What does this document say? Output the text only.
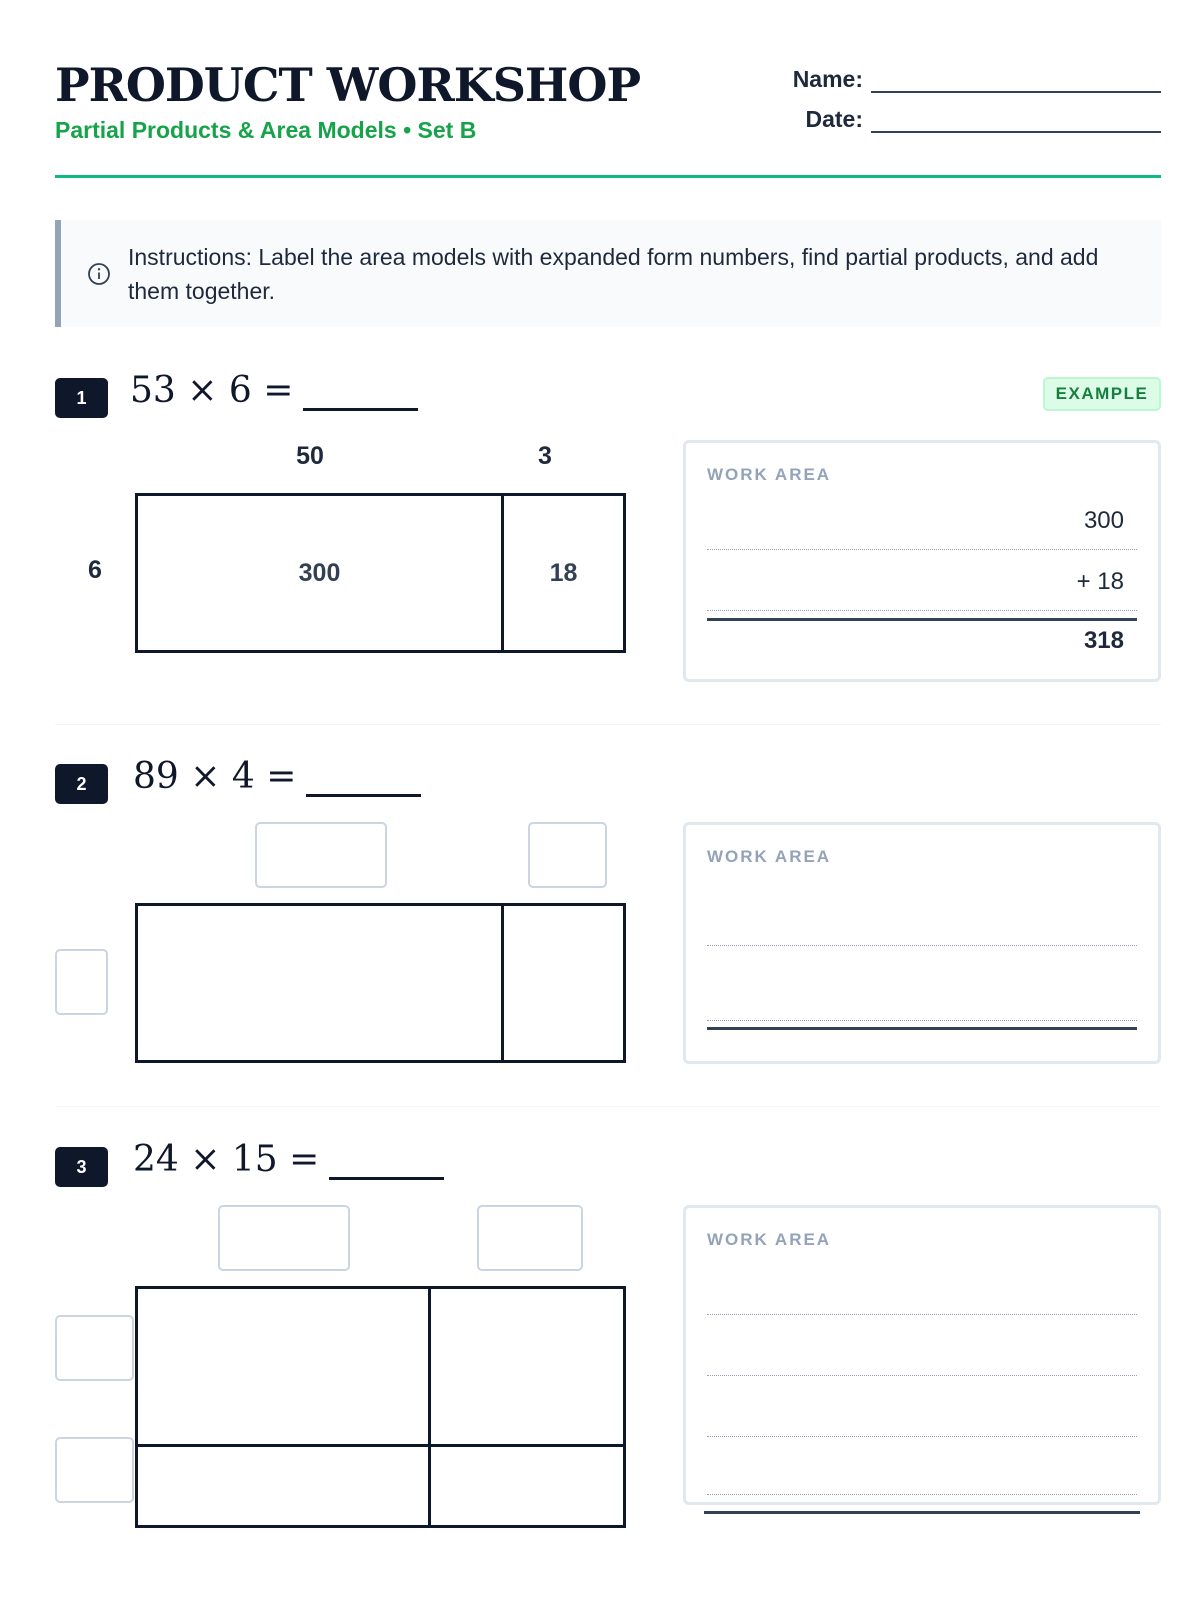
PRODUCT WORKSHOP
Partial Products & Area Models • Set B
Name:
Date:
Instructions: Label the area models with expanded form numbers, find partial products, and add them together.
1	53 × 6 =	EXAMPLE
50	3
6	300	18
WORK AREA
300
+ 18
318
2	89 × 4 =
WORK AREA
3	24 × 15 =
WORK AREA
